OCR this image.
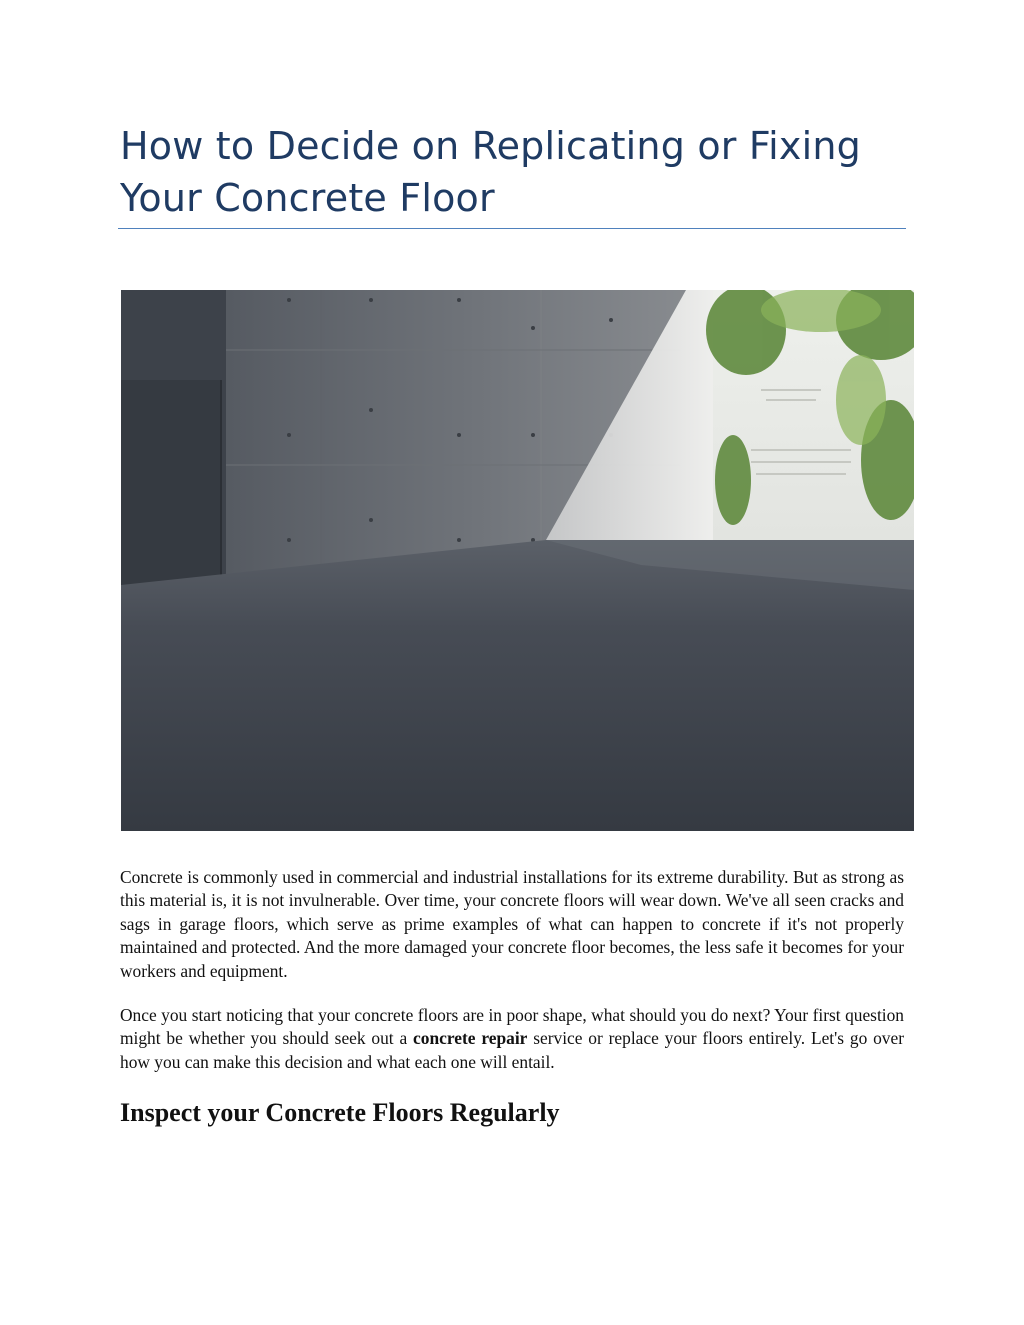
How to Decide on Replicating or Fixing Your Concrete Floor

Concrete is commonly used in commercial and industrial installations for its extreme durability. But as strong as this material is, it is not invulnerable. Over time, your concrete floors will wear down. We've all seen cracks and sags in garage floors, which serve as prime examples of what can happen to concrete if it's not properly maintained and protected. And the more damaged your concrete floor becomes, the less safe it becomes for your workers and equipment.

Once you start noticing that your concrete floors are in poor shape, what should you do next? Your first question might be whether you should seek out a concrete repair service or replace your floors entirely. Let's go over how you can make this decision and what each one will entail.

Inspect your Concrete Floors Regularly
